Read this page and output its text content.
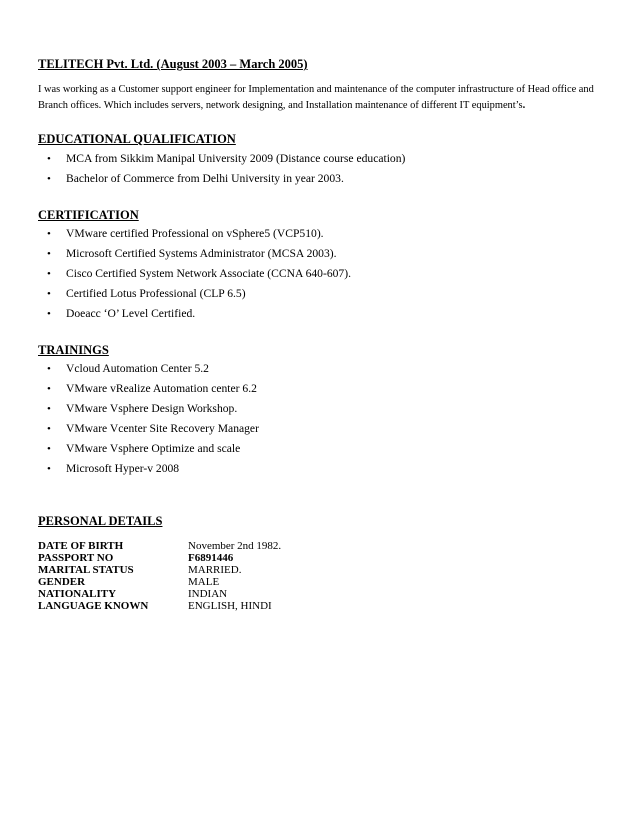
TELITECH Pvt. Ltd. (August 2003 – March 2005)
I was working as a Customer support engineer for Implementation and maintenance of the computer infrastructure of Head office and Branch offices. Which includes servers, network designing, and Installation maintenance of different IT equipment’s.
EDUCATIONAL QUALIFICATION
• MCA from Sikkim Manipal University 2009 (Distance course education)
• Bachelor of Commerce from Delhi University in year 2003.
CERTIFICATION
• VMware certified Professional on vSphere5 (VCP510).
• Microsoft Certified Systems Administrator (MCSA 2003).
• Cisco Certified System Network Associate (CCNA 640-607).
• Certified Lotus Professional (CLP 6.5)
• Doeacc ‘O’ Level Certified.
TRAININGS
• Vcloud Automation Center 5.2
• VMware vRealize Automation center 6.2
• VMware Vsphere Design Workshop.
• VMware Vcenter Site Recovery Manager
• VMware Vsphere Optimize and scale
• Microsoft Hyper-v 2008
PERSONAL DETAILS
DATE OF BIRTH	November 2nd 1982.
PASSPORT NO	F6891446
MARITAL STATUS	MARRIED.
GENDER	MALE
NATIONALITY	INDIAN
LANGUAGE KNOWN	ENGLISH, HINDI
